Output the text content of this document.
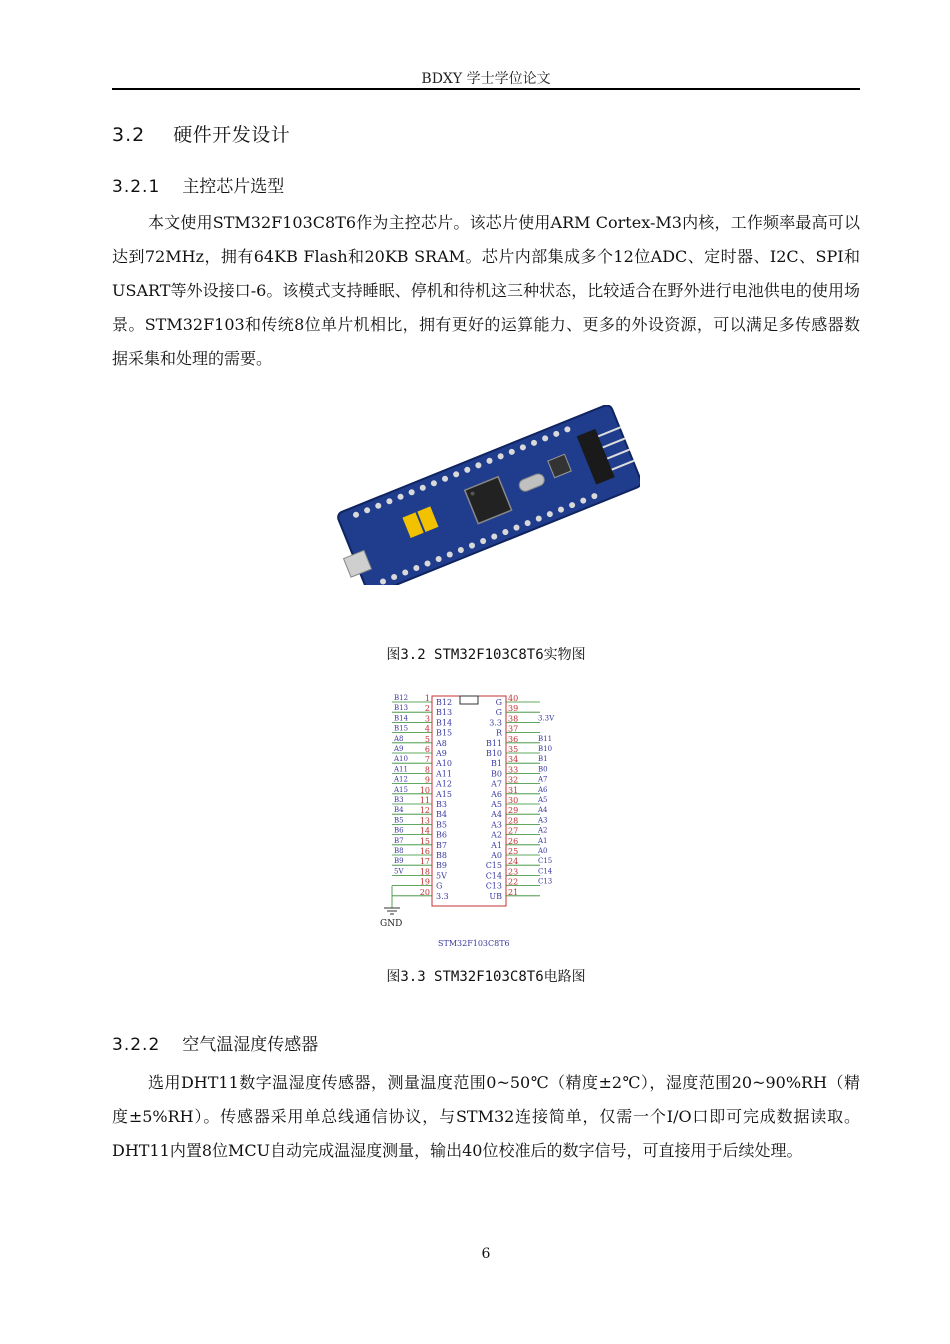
BDXY 学士学位论文
3.2 硬件开发设计
3.2.1 主控芯片选型

本文使用STM32F103C8T6作为主控芯片。该芯片使用ARM Cortex-M3内核，工作频率最高可以达到72MHz，拥有64KB Flash和20KB SRAM。芯片内部集成多个12位ADC、定时器、I2C、SPI和USART等外设接口-6。该模式支持睡眠、停机和待机这三种状态，比较适合在野外进行电池供电的使用场景。STM32F103和传统8位单片机相比，拥有更好的运算能力、更多的外设资源，可以满足多传感器数据采集和处理的需要。

图3.2 STM32F103C8T6实物图
B12 1 B12	40
G
B13 2 B13	39
G
B14 3 B14	38
3.3	3.3V
B15 4 B15	37
R
A8	5 A8	36
B11	B11
A9	6 A9	35
B10	B10
A10 7 A10	34
B1	B1
A11 8 A11	33
B0	B0
A12 9 A12	32
A7	A7
A15 10 A15	31
A6	A6
B3 11 B3	30
A5	A5
B4 12 B4	29
A4	A4
B5 13 B5	28
A3	A3
B6 14 B6	27
A2	A2
B7 15 B7	26
A1	A1
B8 16 B8	25
A0	A0
B9 17 B9	24
C15	C15
5V 18 5V	23
C14	C14
19 G	22
C13	C13
20 3.3	21
UB
GND
STM32F103C8T6
图3.3 STM32F103C8T6电路图
3.2.2 空气温湿度传感器

选用DHT11数字温湿度传感器，测量温度范围0~50℃（精度±2℃），湿度范围20~90%RH（精度±5%RH）。传感器采用单总线通信协议，与STM32连接简单，仅需一个I/O口即可完成数据读取。DHT11内置8位MCU自动完成温湿度测量，输出40位校准后的数字信号，可直接用于后续处理。

6
